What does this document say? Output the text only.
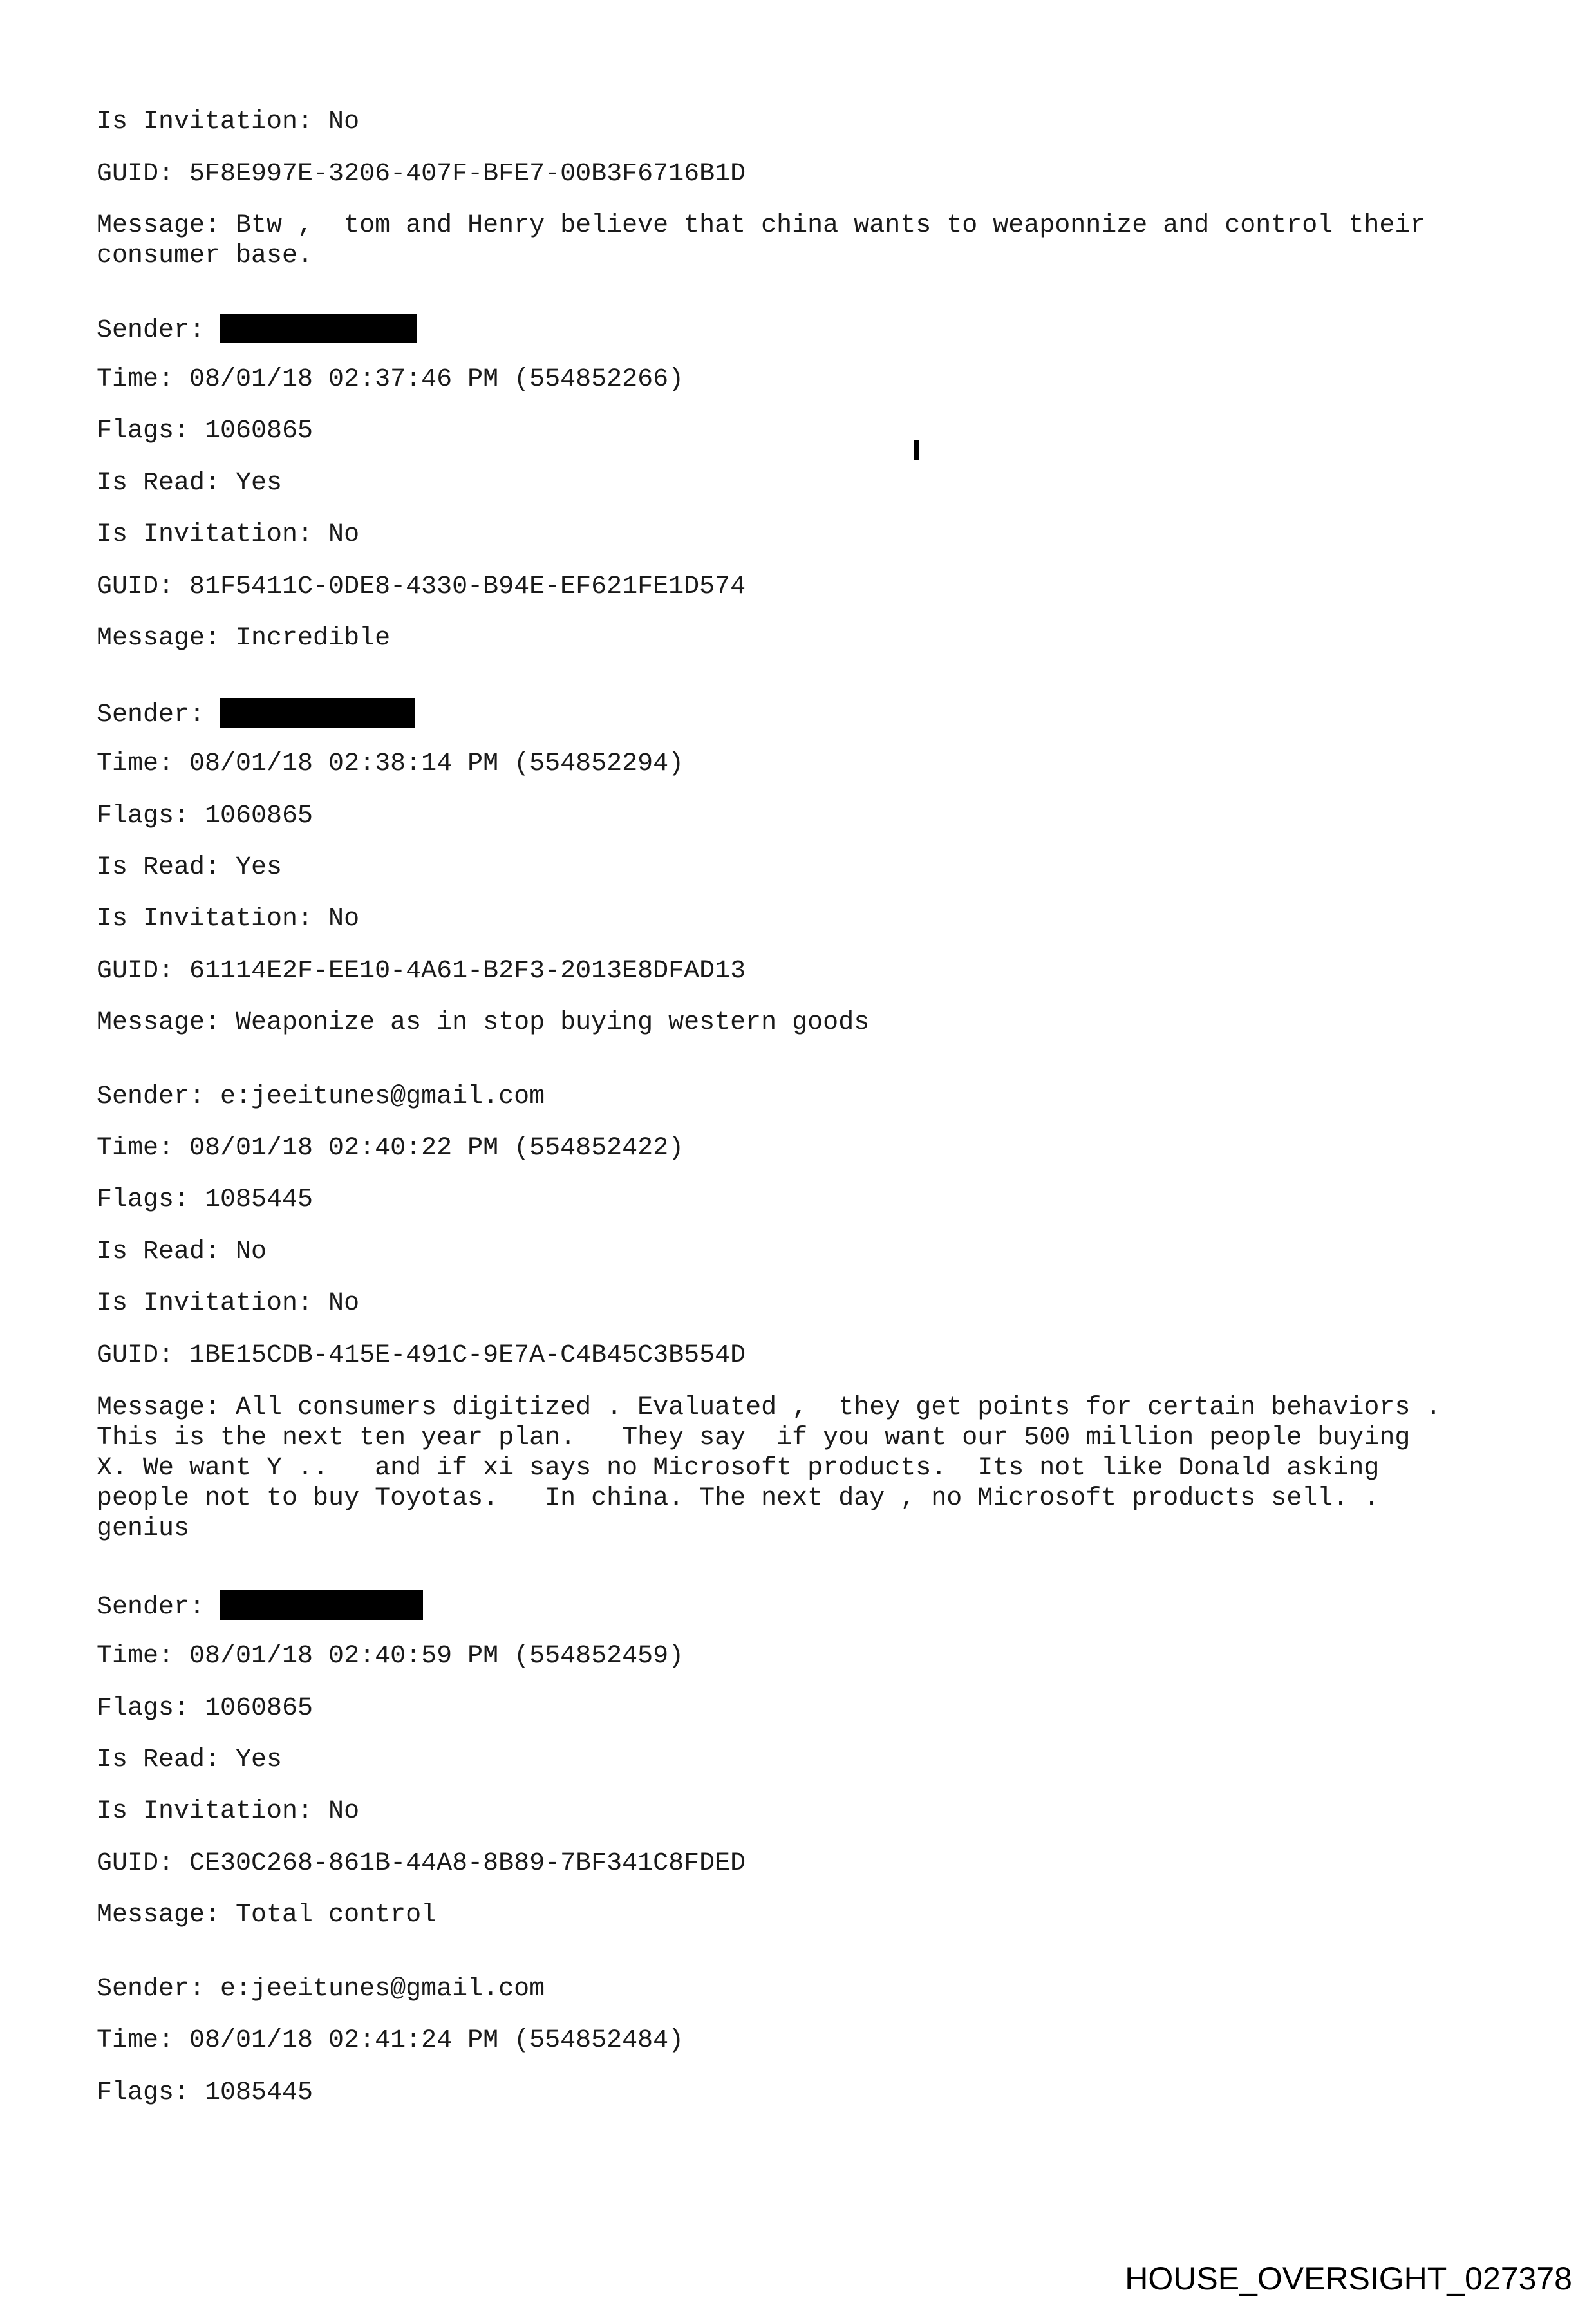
Is Invitation: No
GUID: 5F8E997E-3206-407F-BFE7-00B3F6716B1D
Message: Btw ,  tom and Henry believe that china wants to weaponnize and control their
consumer base.
Sender:
Time: 08/01/18 02:37:46 PM (554852266)
Flags: 1060865
Is Read: Yes
Is Invitation: No
GUID: 81F5411C-0DE8-4330-B94E-EF621FE1D574
Message: Incredible
Sender:
Time: 08/01/18 02:38:14 PM (554852294)
Flags: 1060865
Is Read: Yes
Is Invitation: No
GUID: 61114E2F-EE10-4A61-B2F3-2013E8DFAD13
Message: Weaponize as in stop buying western goods
Sender: e:jeeitunes@gmail.com
Time: 08/01/18 02:40:22 PM (554852422)
Flags: 1085445
Is Read: No
Is Invitation: No
GUID: 1BE15CDB-415E-491C-9E7A-C4B45C3B554D
Message: All consumers digitized . Evaluated ,  they get points for certain behaviors .
This is the next ten year plan.   They say  if you want our 500 million people buying
X. We want Y ..   and if xi says no Microsoft products.  Its not like Donald asking
people not to buy Toyotas.   In china. The next day , no Microsoft products sell. .
genius
Sender:
Time: 08/01/18 02:40:59 PM (554852459)
Flags: 1060865
Is Read: Yes
Is Invitation: No
GUID: CE30C268-861B-44A8-8B89-7BF341C8FDED
Message: Total control
Sender: e:jeeitunes@gmail.com
Time: 08/01/18 02:41:24 PM (554852484)
Flags: 1085445
HOUSE_OVERSIGHT_027378
